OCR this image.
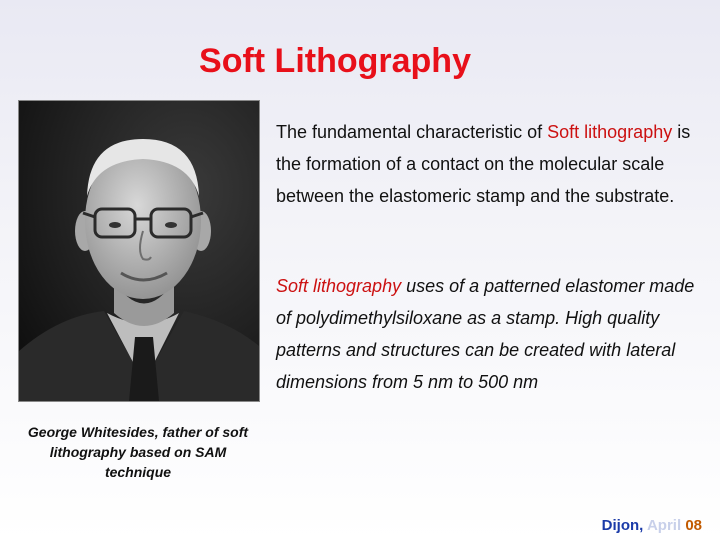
Soft Lithography
George Whitesides, father of soft lithography based on SAM technique
The fundamental characteristic of Soft lithography is the formation of a contact on the molecular scale between the elastomeric stamp and the substrate.
Soft lithography uses of a patterned elastomer made of polydimethylsiloxane as a stamp. High quality patterns and structures can be created with lateral dimensions from 5 nm to 500 nm
Dijon, April 08
